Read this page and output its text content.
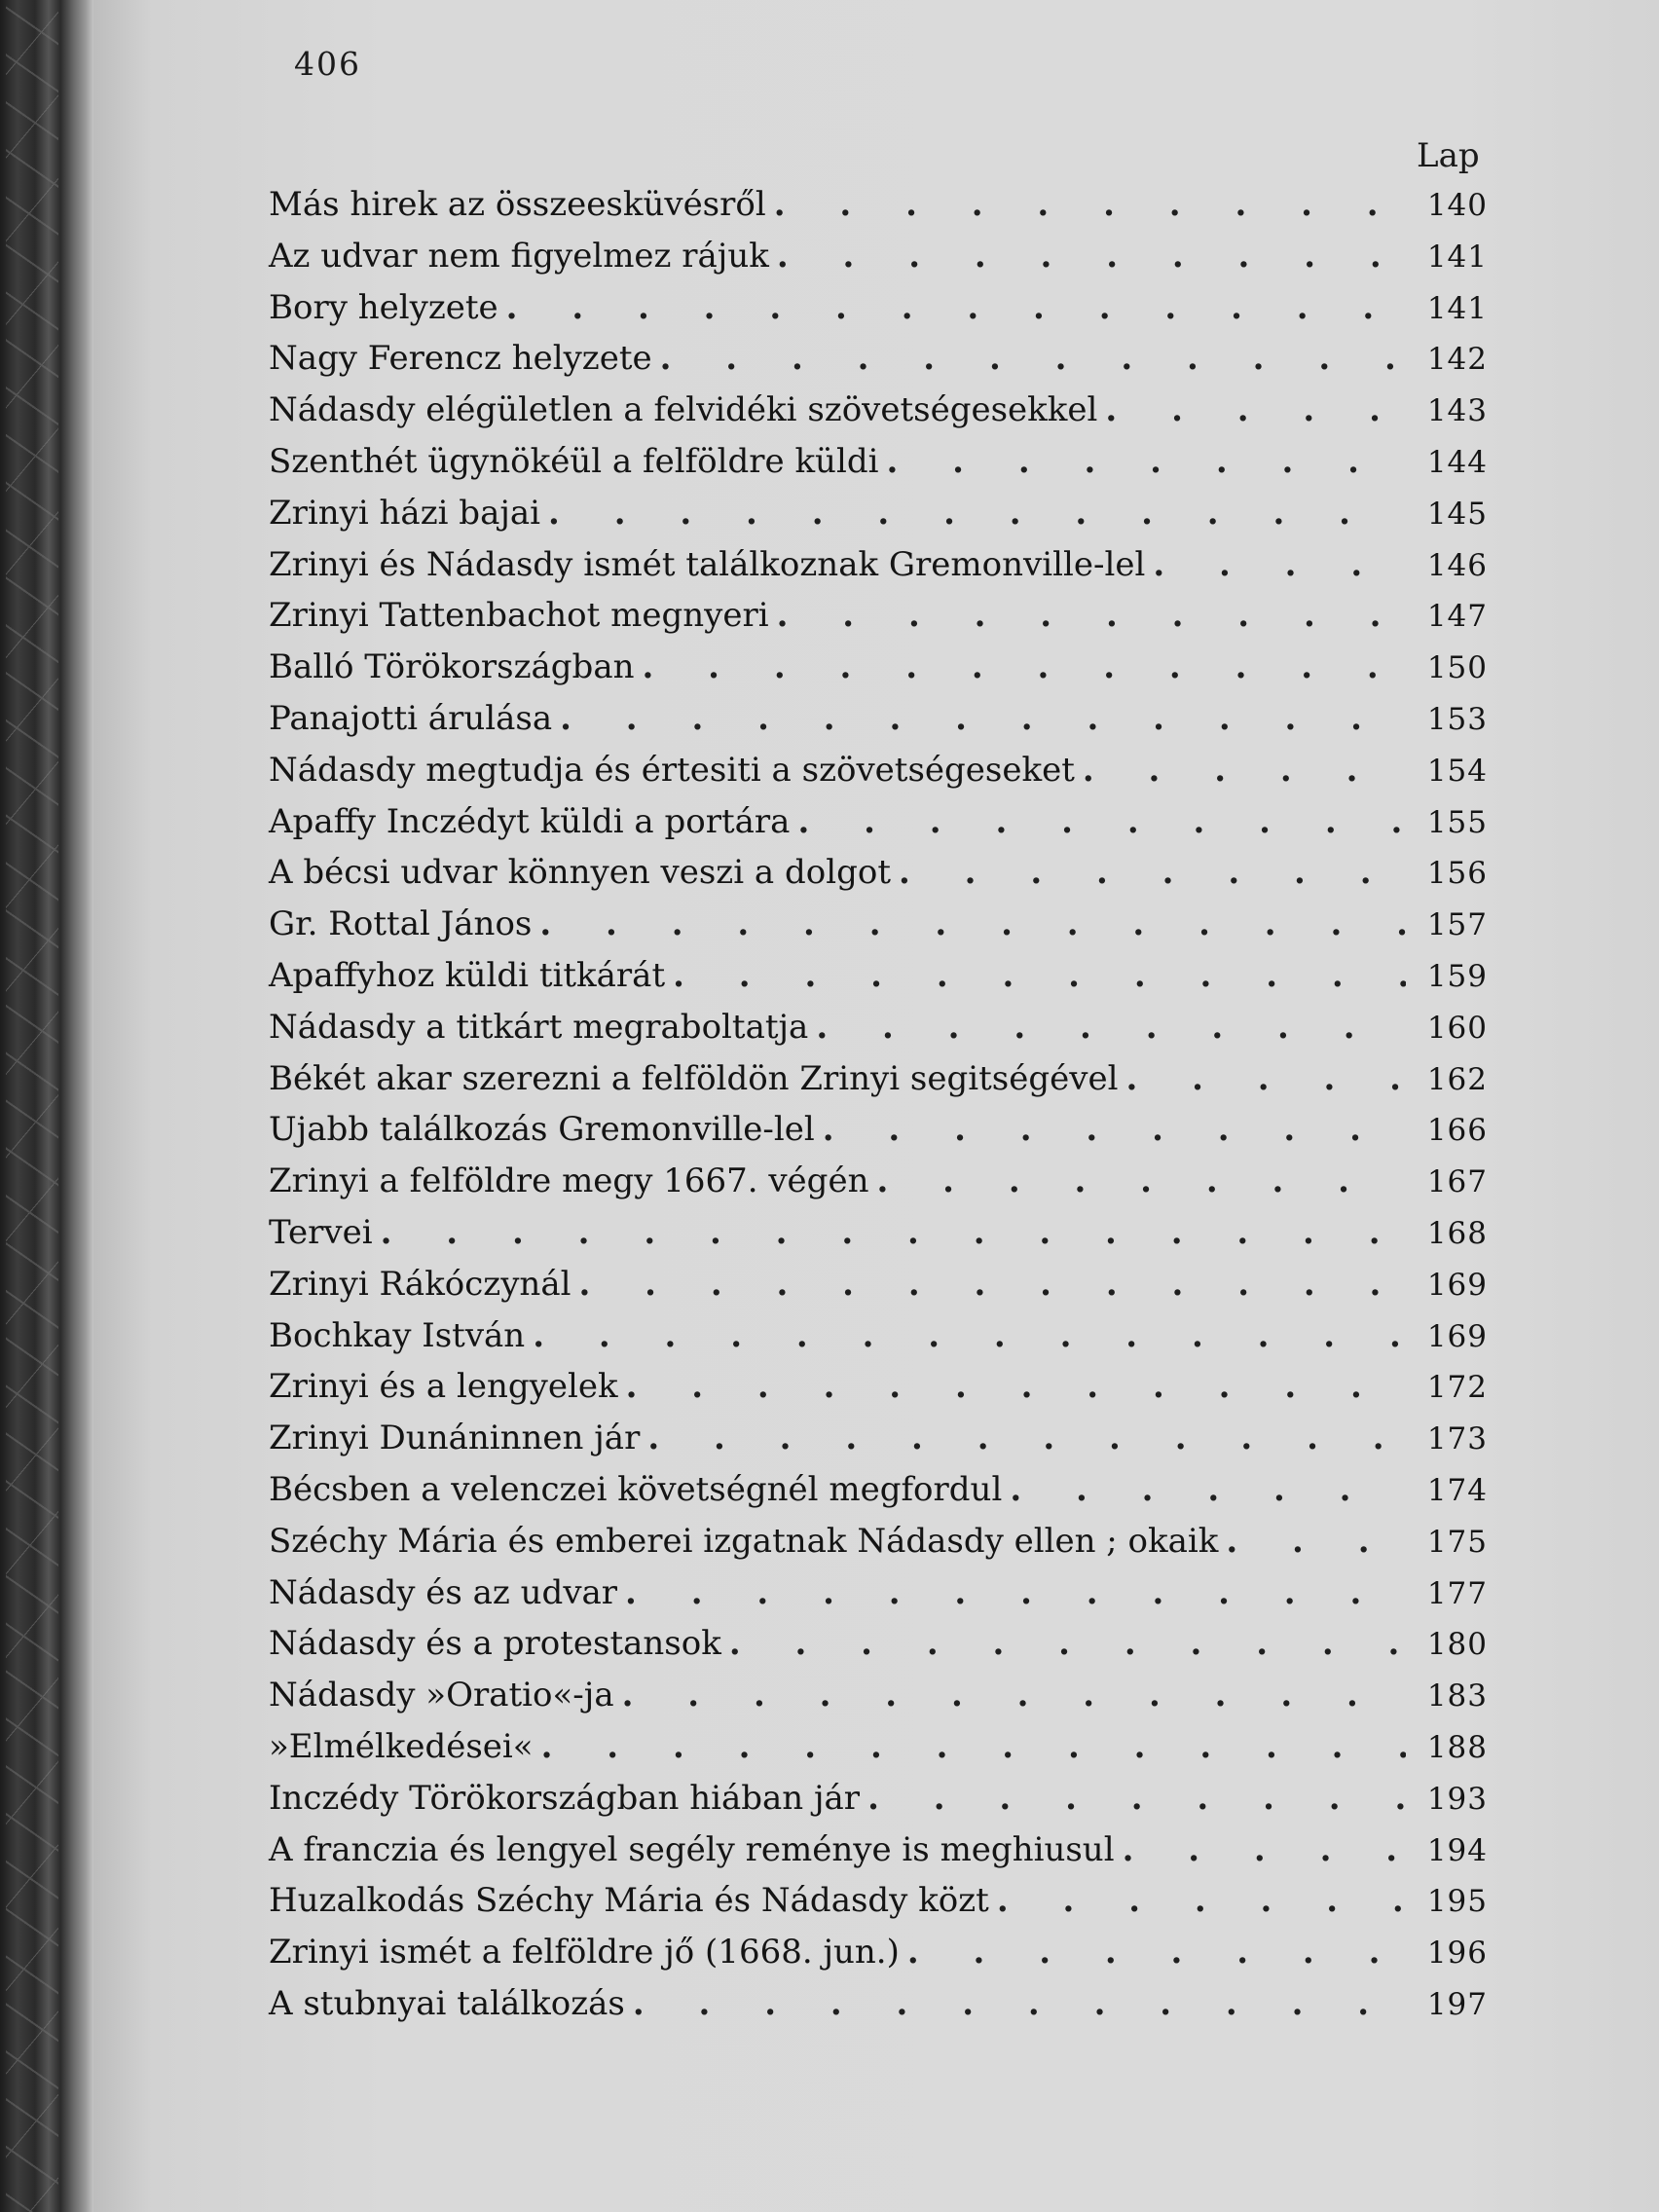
406
Lap
Más hirek az összeesküvésről . . .	140
Az udvar nem figyelmez rájuk . . .	141
Bory helyzete . . .	141
Nagy Ferencz helyzete . . .	142
Nádasdy elégületlen a felvidéki szövetségesekkel . . .	143
Szenthét ügynökéül a felföldre küldi . . .	144
Zrinyi házi bajai . . .	145
Zrinyi és Nádasdy ismét találkoznak Gremonville-lel . . .	146
Zrinyi Tattenbachot megnyeri . . .	147
Balló Törökországban . . .	150
Panajotti árulása . . .	153
Nádasdy megtudja és értesiti a szövetségeseket . . .	154
Apaffy Inczédyt küldi a portára . . .	155
A bécsi udvar könnyen veszi a dolgot . . .	156
Gr. Rottal János . . .	157
Apaffyhoz küldi titkárát . . .	159
Nádasdy a titkárt megraboltatja . . .	160
Békét akar szerezni a felföldön Zrinyi segitségével . . .	162
Ujabb találkozás Gremonville-lel . . .	166
Zrinyi a felföldre megy 1667. végén . . .	167
Tervei . . .	168
Zrinyi Rákóczynál . . .	169
Bochkay István . . .	169
Zrinyi és a lengyelek . . .	172
Zrinyi Dunáninnen jár . . .	173
Bécsben a velenczei követségnél megfordul . . .	174
Széchy Mária és emberei izgatnak Nádasdy ellen ; okaik . . .	175
Nádasdy és az udvar . . .	177
Nádasdy és a protestansok . . .	180
Nádasdy »Oratio«-ja . . .	183
»Elmélkedései« . . .	188
Inczédy Törökországban hiában jár . . .	193
A franczia és lengyel segély reménye is meghiusul . . .	194
Huzalkodás Széchy Mária és Nádasdy közt . . .	195
Zrinyi ismét a felföldre jő (1668. jun.) . . .	196
A stubnyai találkozás . . .	197
